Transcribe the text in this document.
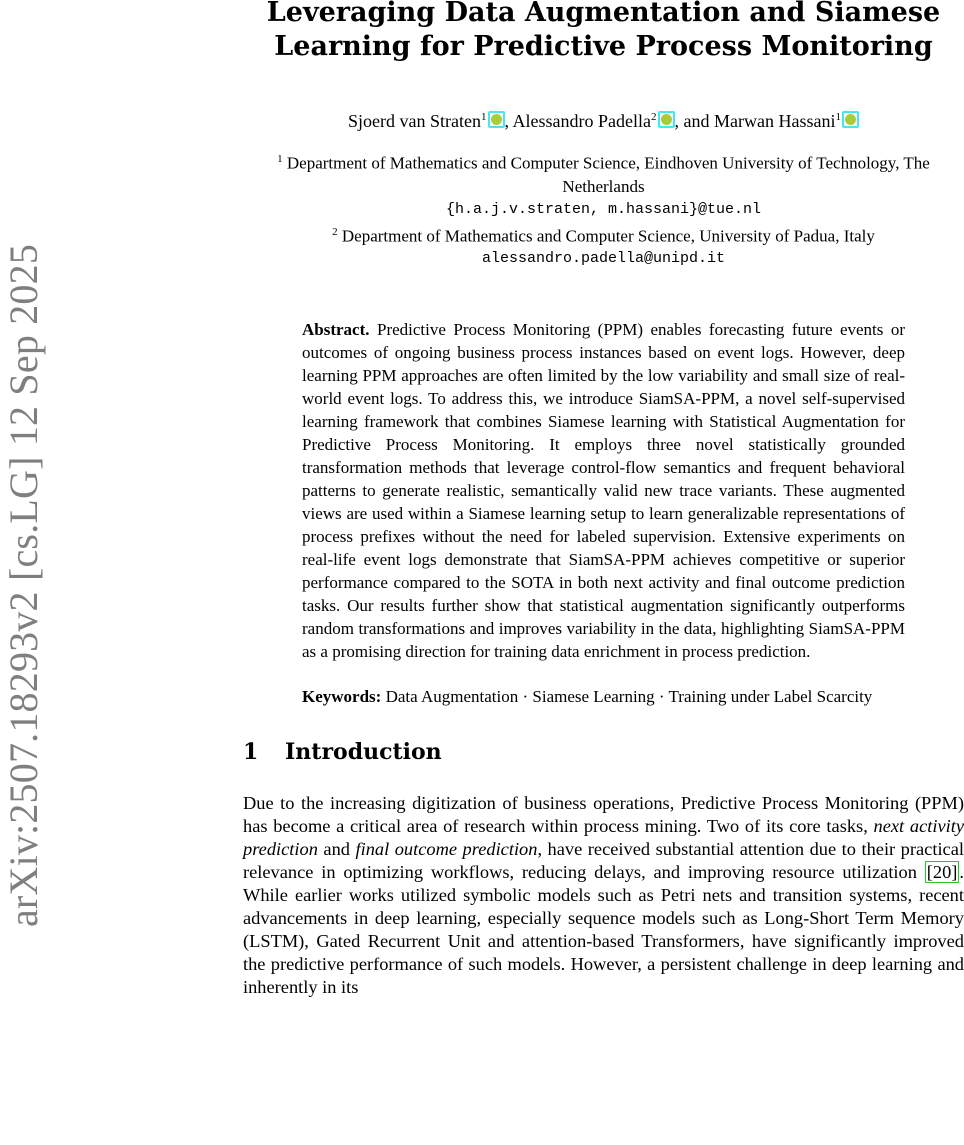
arXiv:2507.18293v2 [cs.LG] 12 Sep 2025
Leveraging Data Augmentation and Siamese
Learning for Predictive Process Monitoring
Sjoerd van Straten$^1$ , Alessandro Padella$^2$ , and Marwan Hassani$^1$
$^1$ Department of Mathematics and Computer Science, Eindhoven University of Technology, The Netherlands
{h.a.j.v.straten, m.hassani}@tue.nl
$^2$ Department of Mathematics and Computer Science, University of Padua, Italy
alessandro.padella@unipd.it
Abstract. Predictive Process Monitoring (PPM) enables forecasting future events or outcomes of ongoing business process instances based on event logs. However, deep learning PPM approaches are often limited by the low variability and small size of real-world event logs. To address this, we introduce SiamSA-PPM, a novel self-supervised learning framework that combines Siamese learning with Statistical Augmentation for Predictive Process Monitoring. It employs three novel statistically grounded transformation methods that leverage control-flow semantics and frequent behavioral patterns to generate realistic, semantically valid new trace variants. These augmented views are used within a Siamese learning setup to learn generalizable representations of process prefixes without the need for labeled supervision. Extensive experiments on real-life event logs demonstrate that SiamSA-PPM achieves competitive or superior performance compared to the SOTA in both next activity and final outcome prediction tasks. Our results further show that statistical augmentation significantly outperforms random transformations and improves variability in the data, highlighting SiamSA-PPM as a promising direction for training data enrichment in process prediction.
Keywords: Data Augmentation · Siamese Learning · Training under Label Scarcity
1 Introduction
Due to the increasing digitization of business operations, Predictive Process Monitoring (PPM) has become a critical area of research within process mining. Two of its core tasks, next activity prediction and final outcome prediction, have received substantial attention due to their practical relevance in optimizing workflows, reducing delays, and improving resource utilization [20] . While earlier works utilized symbolic models such as Petri nets and transition systems, recent advancements in deep learning, especially sequence models such as Long-Short Term Memory (LSTM), Gated Recurrent Unit and attention-based Transformers, have significantly improved the predictive performance of such models. However, a persistent challenge in deep learning and inherently in its
